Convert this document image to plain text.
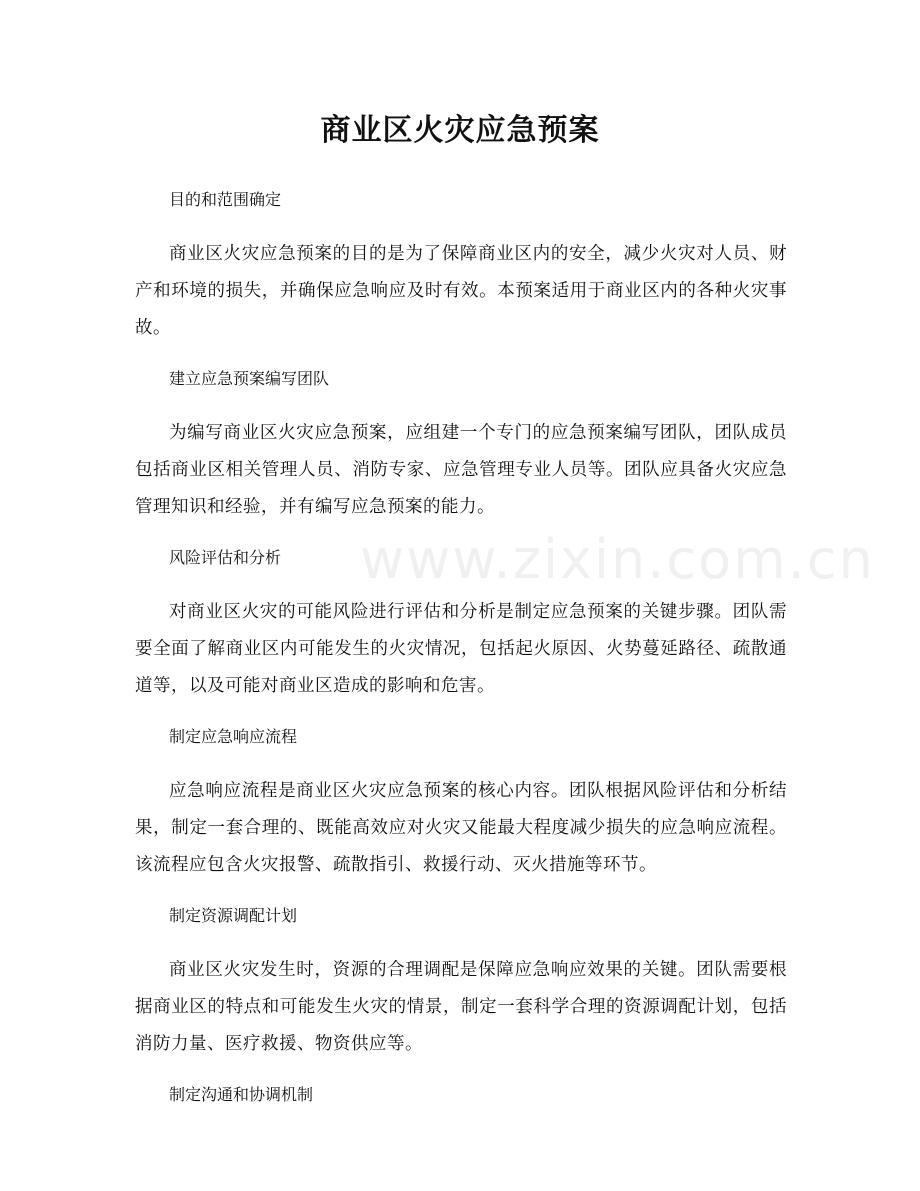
www.zixin.com.cn
商业区火灾应急预案

目的和范围确定

商业区火灾应急预案的目的是为了保障商业区内的安全，减少火灾对人员、财产和环境的损失，并确保应急响应及时有效。本预案适用于商业区内的各种火灾事故。

建立应急预案编写团队

为编写商业区火灾应急预案，应组建一个专门的应急预案编写团队，团队成员包括商业区相关管理人员、消防专家、应急管理专业人员等。团队应具备火灾应急管理知识和经验，并有编写应急预案的能力。

风险评估和分析

对商业区火灾的可能风险进行评估和分析是制定应急预案的关键步骤。团队需要全面了解商业区内可能发生的火灾情况，包括起火原因、火势蔓延路径、疏散通道等，以及可能对商业区造成的影响和危害。

制定应急响应流程

应急响应流程是商业区火灾应急预案的核心内容。团队根据风险评估和分析结果，制定一套合理的、既能高效应对火灾又能最大程度减少损失的应急响应流程。该流程应包含火灾报警、疏散指引、救援行动、灭火措施等环节。

制定资源调配计划

商业区火灾发生时，资源的合理调配是保障应急响应效果的关键。团队需要根据商业区的特点和可能发生火灾的情景，制定一套科学合理的资源调配计划，包括消防力量、医疗救援、物资供应等。

制定沟通和协调机制
